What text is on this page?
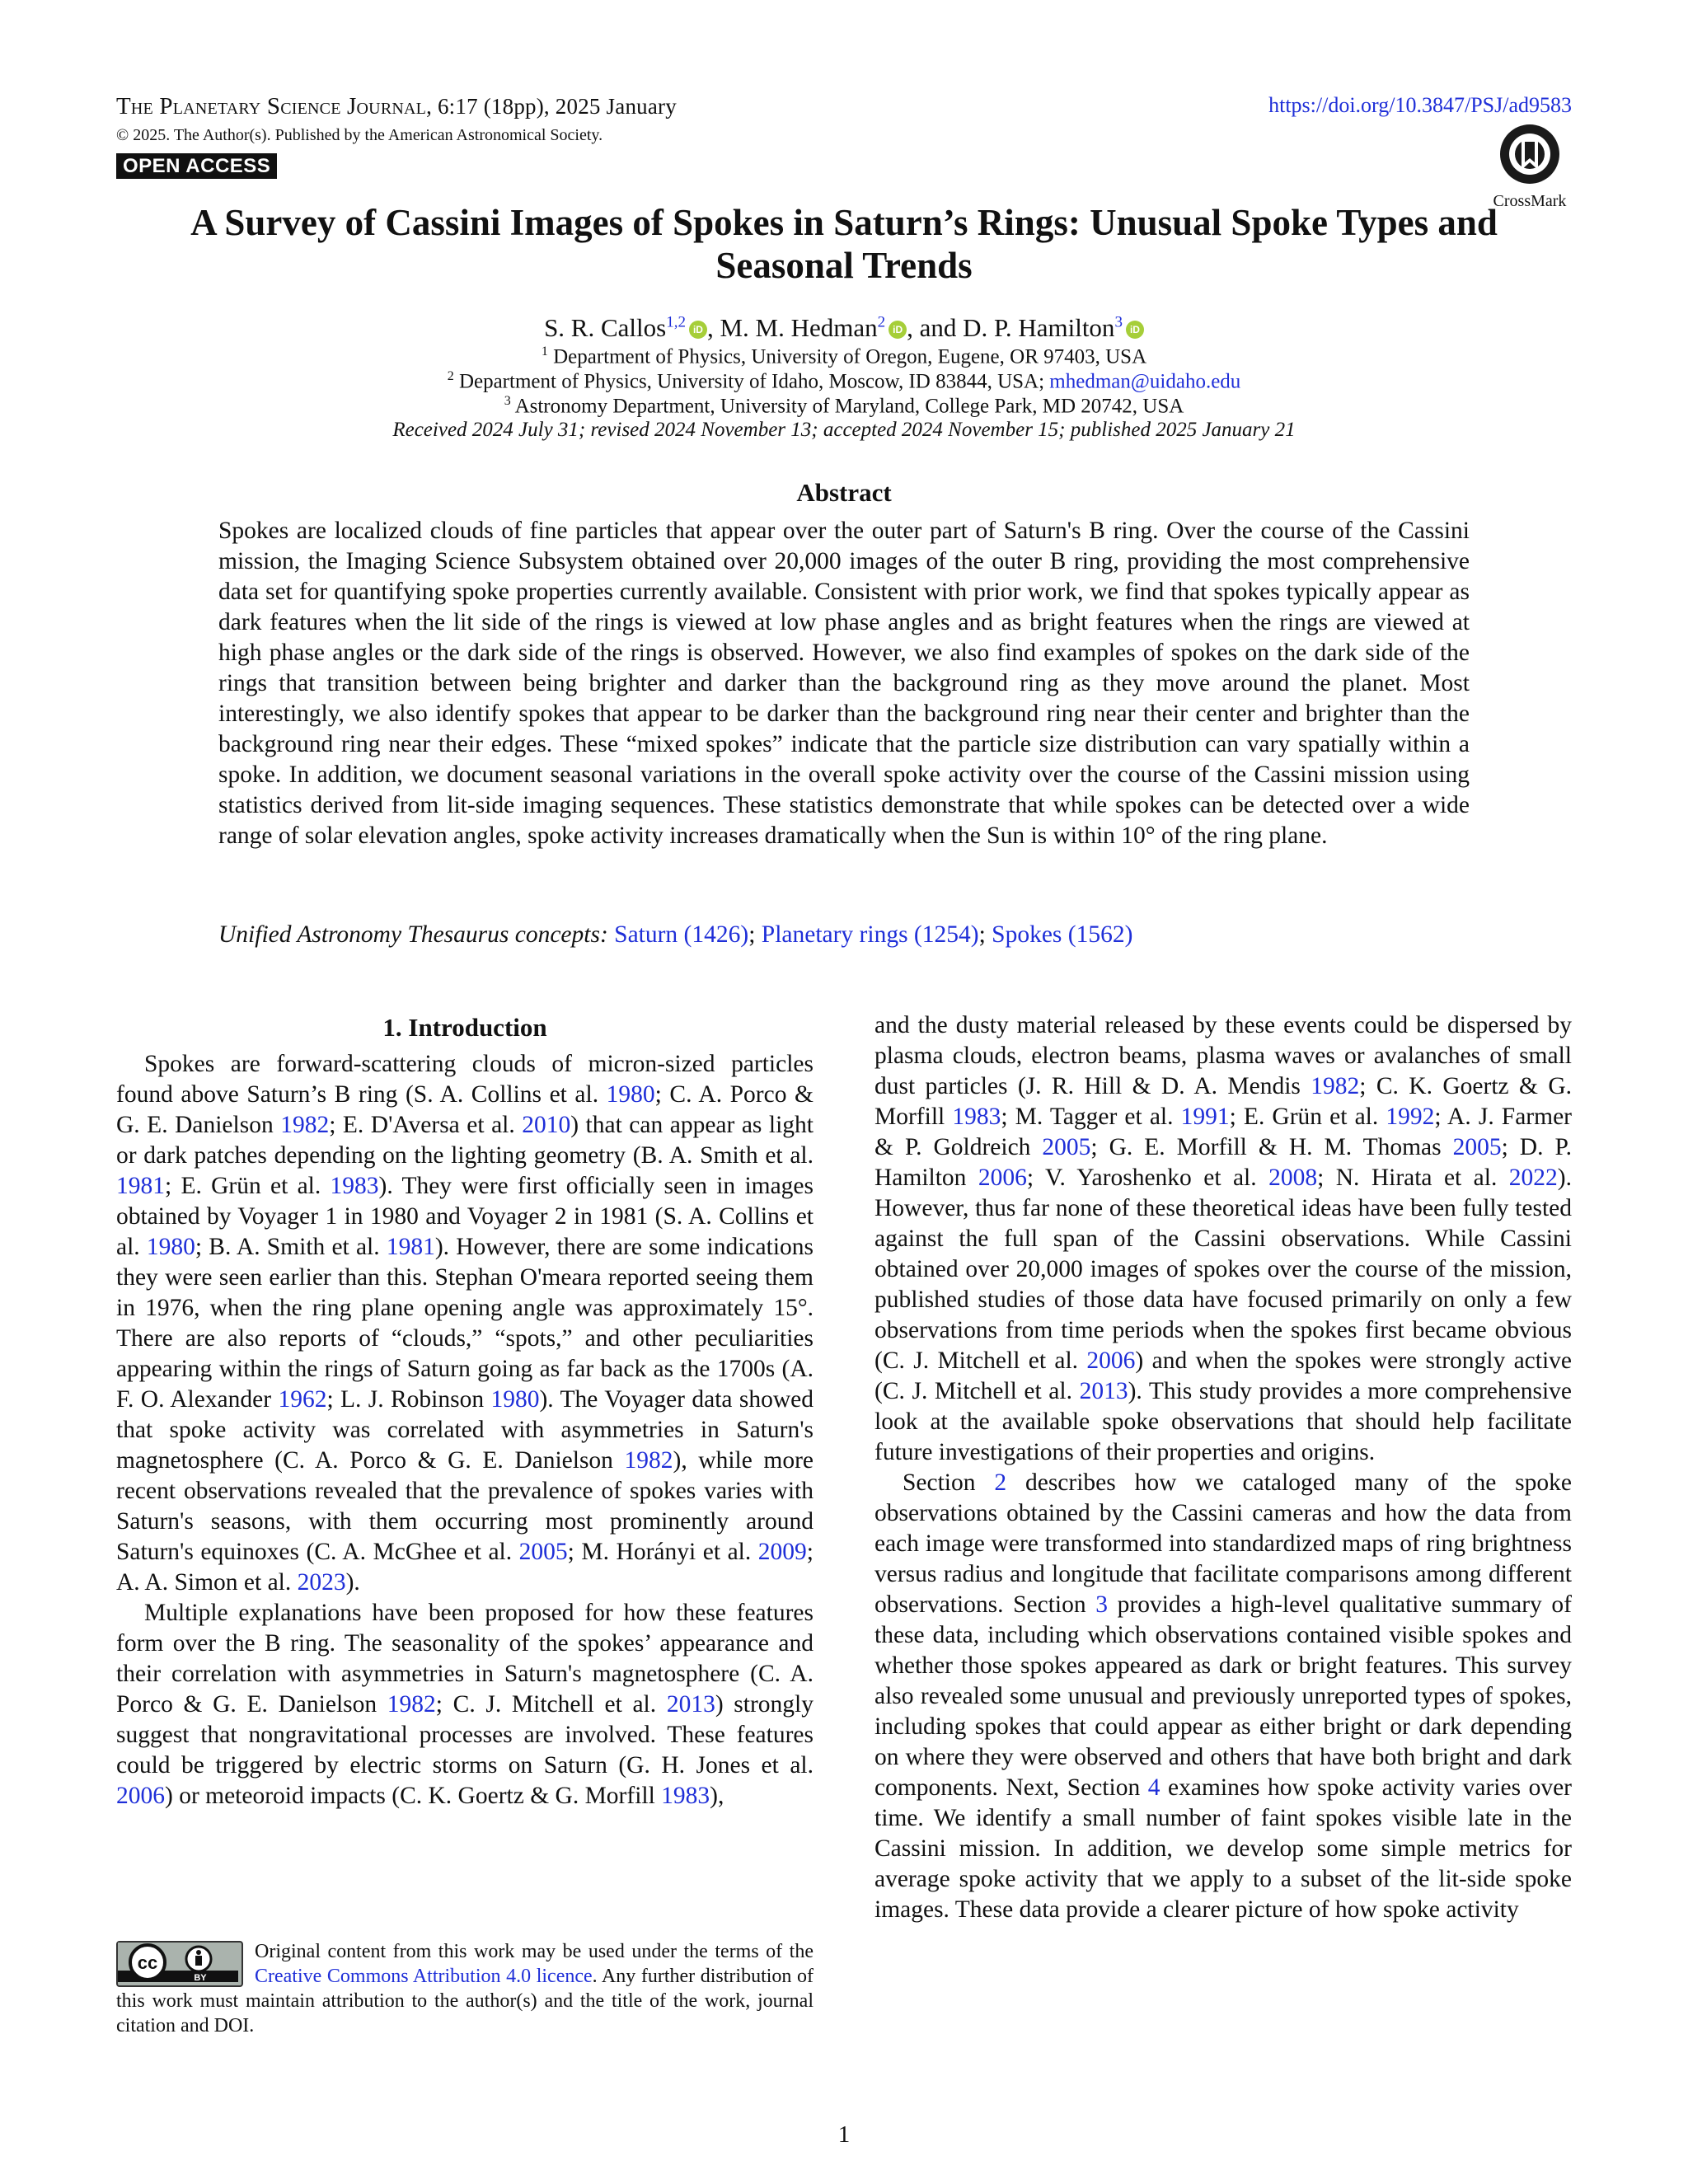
The Planetary Science Journal, 6:17 (18pp), 2025 January	https://doi.org/10.3847/PSJ/ad9583
© 2025. The Author(s). Published by the American Astronomical Society.
OPEN ACCESS
CrossMark
A Survey of Cassini Images of Spokes in Saturn’s Rings: Unusual Spoke Types and Seasonal Trends
S. R. Callos$^{1,2}$ iD , M. M. Hedman$^2$ iD , and D. P. Hamilton$^3$ iD
$^1$ Department of Physics, University of Oregon, Eugene, OR 97403, USA
$^2$ Department of Physics, University of Idaho, Moscow, ID 83844, USA; mhedman@uidaho.edu
$^3$ Astronomy Department, University of Maryland, College Park, MD 20742, USA
Received 2024 July 31; revised 2024 November 13; accepted 2024 November 15; published 2025 January 21
Abstract
Spokes are localized clouds of fine particles that appear over the outer part of Saturn's B ring. Over the course of the Cassini mission, the Imaging Science Subsystem obtained over 20,000 images of the outer B ring, providing the most comprehensive data set for quantifying spoke properties currently available. Consistent with prior work, we find that spokes typically appear as dark features when the lit side of the rings is viewed at low phase angles and as bright features when the rings are viewed at high phase angles or the dark side of the rings is observed. However, we also find examples of spokes on the dark side of the rings that transition between being brighter and darker than the background ring as they move around the planet. Most interestingly, we also identify spokes that appear to be darker than the background ring near their center and brighter than the background ring near their edges. These “mixed spokes” indicate that the particle size distribution can vary spatially within a spoke. In addition, we document seasonal variations in the overall spoke activity over the course of the Cassini mission using statistics derived from lit-side imaging sequences. These statistics demonstrate that while spokes can be detected over a wide range of solar elevation angles, spoke activity increases dramatically when the Sun is within 10° of the ring plane.
Unified Astronomy Thesaurus concepts: Saturn (1426); Planetary rings (1254); Spokes (1562)
1. Introduction

Spokes are forward-scattering clouds of micron-sized particles found above Saturn’s B ring (S. A. Collins et al. 1980; C. A. Porco & G. E. Danielson 1982; E. D'Aversa et al. 2010) that can appear as light or dark patches depending on the lighting geometry (B. A. Smith et al. 1981; E. Grün et al. 1983). They were first officially seen in images obtained by Voyager 1 in 1980 and Voyager 2 in 1981 (S. A. Collins et al. 1980; B. A. Smith et al. 1981). However, there are some indications they were seen earlier than this. Stephan O'meara reported seeing them in 1976, when the ring plane opening angle was approximately 15°. There are also reports of “clouds,” “spots,” and other peculiarities appearing within the rings of Saturn going as far back as the 1700s (A. F. O. Alexander 1962; L. J. Robinson 1980). The Voyager data showed that spoke activity was correlated with asymmetries in Saturn's magnetosphere (C. A. Porco & G. E. Danielson 1982), while more recent observations revealed that the prevalence of spokes varies with Saturn's seasons, with them occurring most prominently around Saturn's equinoxes (C. A. McGhee et al. 2005; M. Horányi et al. 2009; A. A. Simon et al. 2023).

Multiple explanations have been proposed for how these features form over the B ring. The seasonality of the spokes’ appearance and their correlation with asymmetries in Saturn's magnetosphere (C. A. Porco & G. E. Danielson 1982; C. J. Mitchell et al. 2013) strongly suggest that nongravitational processes are involved. These features could be triggered by electric storms on Saturn (G. H. Jones et al. 2006) or meteoroid impacts (C. K. Goertz & G. Morfill 1983),

and the dusty material released by these events could be dispersed by plasma clouds, electron beams, plasma waves or avalanches of small dust particles (J. R. Hill & D. A. Mendis 1982; C. K. Goertz & G. Morfill 1983; M. Tagger et al. 1991; E. Grün et al. 1992; A. J. Farmer & P. Goldreich 2005; G. E. Morfill & H. M. Thomas 2005; D. P. Hamilton 2006; V. Yaroshenko et al. 2008; N. Hirata et al. 2022). However, thus far none of these theoretical ideas have been fully tested against the full span of the Cassini observations. While Cassini obtained over 20,000 images of spokes over the course of the mission, published studies of those data have focused primarily on only a few observations from time periods when the spokes first became obvious (C. J. Mitchell et al. 2006) and when the spokes were strongly active (C. J. Mitchell et al. 2013). This study provides a more comprehensive look at the available spoke observations that should help facilitate future investigations of their properties and origins.

Section 2 describes how we cataloged many of the spoke observations obtained by the Cassini cameras and how the data from each image were transformed into standardized maps of ring brightness versus radius and longitude that facilitate comparisons among different observations. Section 3 provides a high-level qualitative summary of these data, including which observations contained visible spokes and whether those spokes appeared as dark or bright features. This survey also revealed some unusual and previously unreported types of spokes, including spokes that could appear as either bright or dark depending on where they were observed and others that have both bright and dark components. Next, Section 4 examines how spoke activity varies over time. We identify a small number of faint spokes visible late in the Cassini mission. In addition, we develop some simple metrics for average spoke activity that we apply to a subset of the lit-side spoke images. These data provide a clearer picture of how spoke activity

cc
BY
Original content from this work may be used under the terms of the Creative Commons Attribution 4.0 licence. Any further distribution of this work must maintain attribution to the author(s) and the title of the work, journal citation and DOI.
1
